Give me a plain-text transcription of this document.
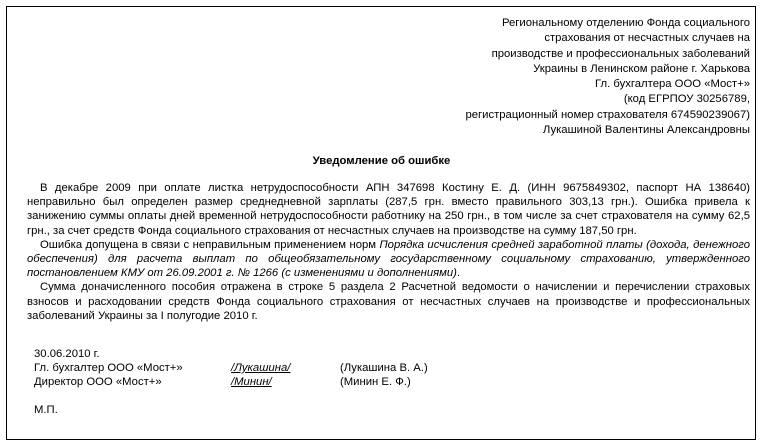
Региональному отделению Фонда социального
страхования от несчастных случаев на
производстве и профессиональных заболеваний
Украины в Ленинском районе г. Харькова
Гл. бухгалтера ООО «Мост+»
(код ЕГРПОУ 30256789,
регистрационный номер страхователя 674590239067)
Лукашиной Валентины Александровны
Уведомление об ошибке

В декабре 2009 при оплате листка нетрудоспособности АПН 347698 Костину Е. Д. (ИНН 9675849302, паспорт НА 138640) неправильно был определен размер среднедневной зарплаты (287,5 грн. вместо правильного 303,13 грн.). Ошибка привела к занижению суммы оплаты дней временной нетрудоспособности работнику на 250 грн., в том числе за счет страхователя на сумму 62,5 грн., за счет средств Фонда социального страхования от несчастных случаев на производстве на сумму 187,50 грн.

Ошибка допущена в связи с неправильным применением норм Порядка исчисления средней заработной платы (дохода, денежного обеспечения) для расчета выплат по общеобязательному государственному социальному страхованию, утвержденного постановлением КМУ от 26.09.2001 г. № 1266 (с изменениями и дополнениями).

Сумма доначисленного пособия отражена в строке 5 раздела 2 Расчетной ведомости о начислении и перечислении страховых взносов и расходовании средств Фонда социального страхования от несчастных случаев на производстве и профессиональных заболеваний Украины за I полугодие 2010 г.

30.06.2010 г.
Гл. бухгалтер ООО «Мост+»	/Лукашина/	(Лукашина В. А.)
Директор ООО «Мост+»	/Минин/	(Минин Е. Ф.)
М.П.
